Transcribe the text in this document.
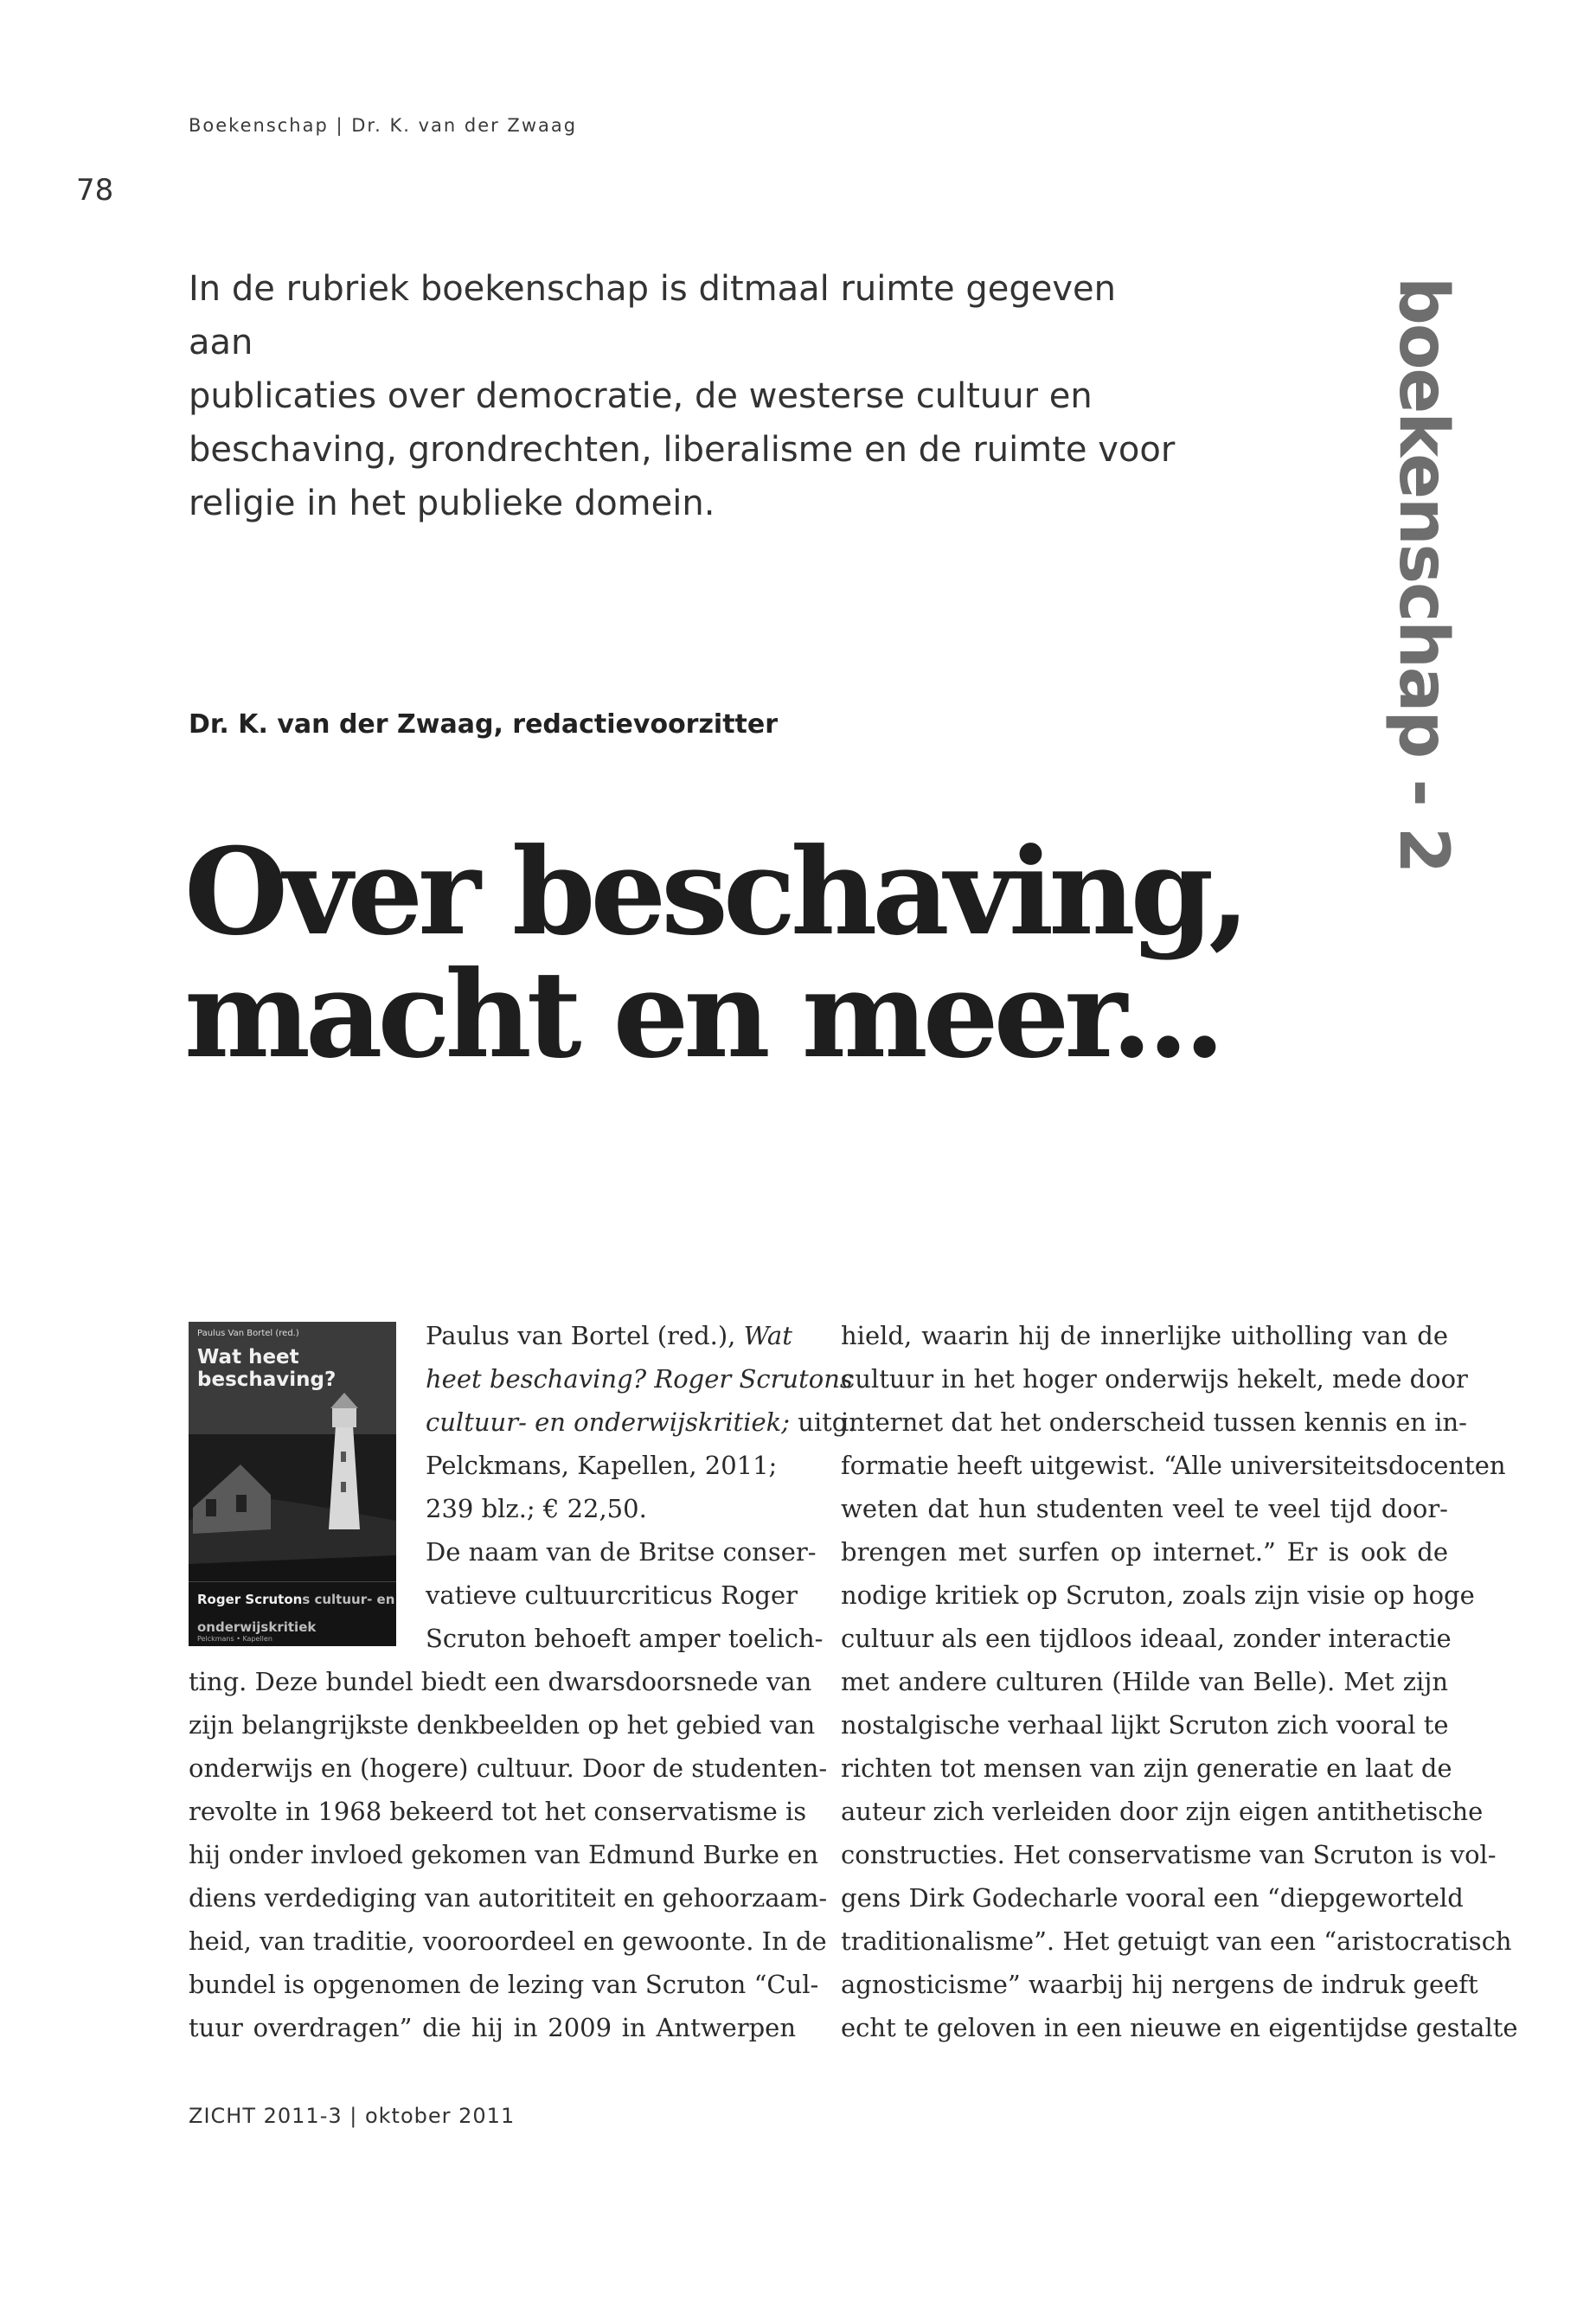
Boekenschap | Dr. K. van der Zwaag
78
In de rubriek boekenschap is ditmaal ruimte gegeven aan
publicaties over democratie, de westerse cultuur en
beschaving, grondrechten, liberalisme en de ruimte voor
religie in het publieke domein.
Dr. K. van der Zwaag, redactievoorzitter	boekenschap - 2
Over beschaving,
macht en meer...
Paulus Van Bortel (red.)
Wat heet beschaving?
Roger Scrutons cultuur- en
onderwijskritiek
Pelckmans • Kapellen
Paulus van Bortel (red.), Wat
heet beschaving? Roger Scrutons
cultuur- en onderwijskritiek; uitg.
Pelckmans, Kapellen, 2011;
239 blz.; € 22,50.
De naam van de Britse conser-
vatieve cultuurcriticus Roger
Scruton behoeft amper toelich-
ting. Deze bundel biedt een dwarsdoorsnede van
zijn belangrijkste denkbeelden op het gebied van
onderwijs en (hogere) cultuur. Door de studenten-
revolte in 1968 bekeerd tot het conservatisme is
hij onder invloed gekomen van Edmund Burke en
diens verdediging van autorititeit en gehoorzaam-
heid, van traditie, vooroordeel en gewoonte. In de
bundel is opgenomen de lezing van Scruton “Cul-
tuur overdragen” die hij in 2009 in Antwerpen
hield, waarin hij de innerlijke uitholling van de
cultuur in het hoger onderwijs hekelt, mede door
internet dat het onderscheid tussen kennis en in-
formatie heeft uitgewist. “Alle universiteitsdocenten
weten dat hun studenten veel te veel tijd door-
brengen met surfen op internet.” Er is ook de
nodige kritiek op Scruton, zoals zijn visie op hoge
cultuur als een tijdloos ideaal, zonder interactie
met andere culturen (Hilde van Belle). Met zijn
nostalgische verhaal lijkt Scruton zich vooral te
richten tot mensen van zijn generatie en laat de
auteur zich verleiden door zijn eigen antithetische
constructies. Het conservatisme van Scruton is vol-
gens Dirk Godecharle vooral een “diepgeworteld
traditionalisme”. Het getuigt van een “aristocratisch
agnosticisme” waarbij hij nergens de indruk geeft
echt te geloven in een nieuwe en eigentijdse gestalte
ZICHT 2011-3 | oktober 2011
